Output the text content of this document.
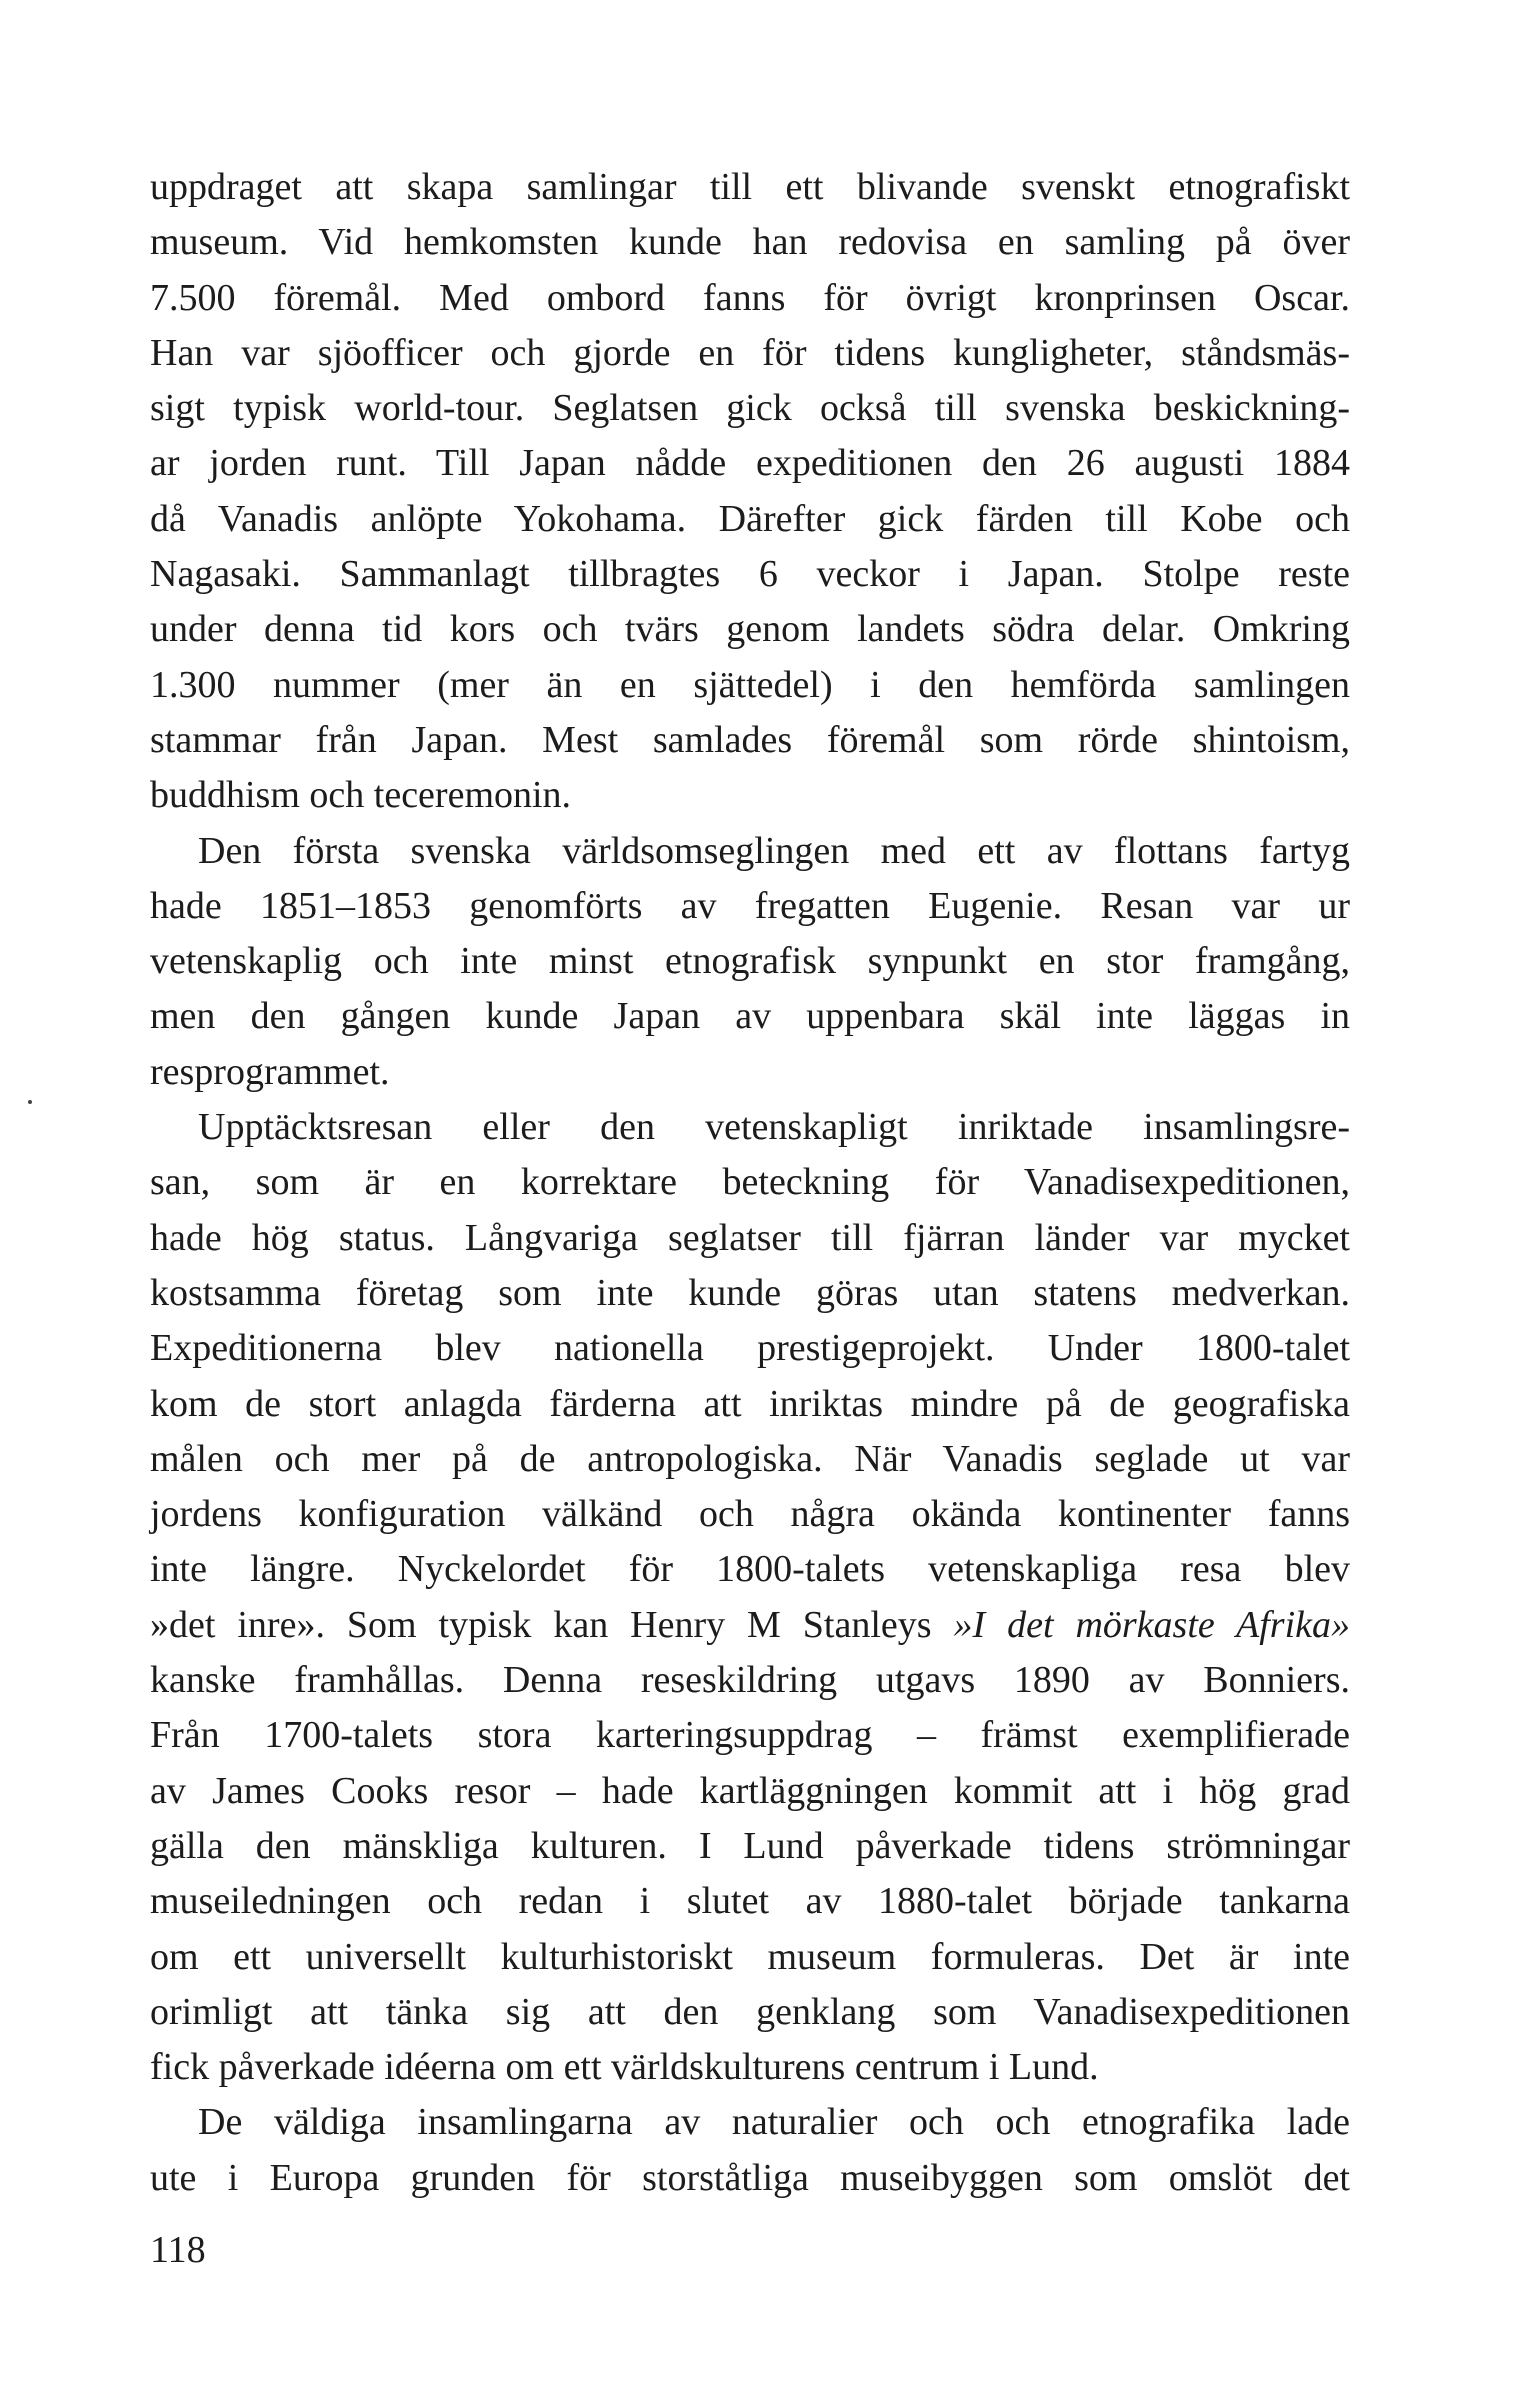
uppdraget att skapa samlingar till ett blivande svenskt etnografiskt
museum. Vid hemkomsten kunde han redovisa en samling på över
7.500 föremål. Med ombord fanns för övrigt kronprinsen Oscar.
Han var sjöofficer och gjorde en för tidens kungligheter, ståndsmäs-
sigt typisk world-tour. Seglatsen gick också till svenska beskickning-
ar jorden runt. Till Japan nådde expeditionen den 26 augusti 1884
då Vanadis anlöpte Yokohama. Därefter gick färden till Kobe och
Nagasaki. Sammanlagt tillbragtes 6 veckor i Japan. Stolpe reste
under denna tid kors och tvärs genom landets södra delar. Omkring
1.300 nummer (mer än en sjättedel) i den hemförda samlingen
stammar från Japan. Mest samlades föremål som rörde shintoism,
buddhism och teceremonin.
Den första svenska världsomseglingen med ett av flottans fartyg
hade 1851–1853 genomförts av fregatten Eugenie. Resan var ur
vetenskaplig och inte minst etnografisk synpunkt en stor framgång,
men den gången kunde Japan av uppenbara skäl inte läggas in
resprogrammet.
Upptäcktsresan eller den vetenskapligt inriktade insamlingsre-
san, som är en korrektare beteckning för Vanadisexpeditionen,
hade hög status. Långvariga seglatser till fjärran länder var mycket
kostsamma företag som inte kunde göras utan statens medverkan.
Expeditionerna blev nationella prestigeprojekt. Under 1800-talet
kom de stort anlagda färderna att inriktas mindre på de geografiska
målen och mer på de antropologiska. När Vanadis seglade ut var
jordens konfiguration välkänd och några okända kontinenter fanns
inte längre. Nyckelordet för 1800-talets vetenskapliga resa blev
»det inre». Som typisk kan Henry M Stanleys »I det mörkaste Afrika»
kanske framhållas. Denna reseskildring utgavs 1890 av Bonniers.
Från 1700-talets stora karteringsuppdrag – främst exemplifierade
av James Cooks resor – hade kartläggningen kommit att i hög grad
gälla den mänskliga kulturen. I Lund påverkade tidens strömningar
museiledningen och redan i slutet av 1880-talet började tankarna
om ett universellt kulturhistoriskt museum formuleras. Det är inte
orimligt att tänka sig att den genklang som Vanadisexpeditionen
fick påverkade idéerna om ett världskulturens centrum i Lund.
De väldiga insamlingarna av naturalier och och etnografika lade
ute i Europa grunden för storståtliga museibyggen som omslöt det
118
